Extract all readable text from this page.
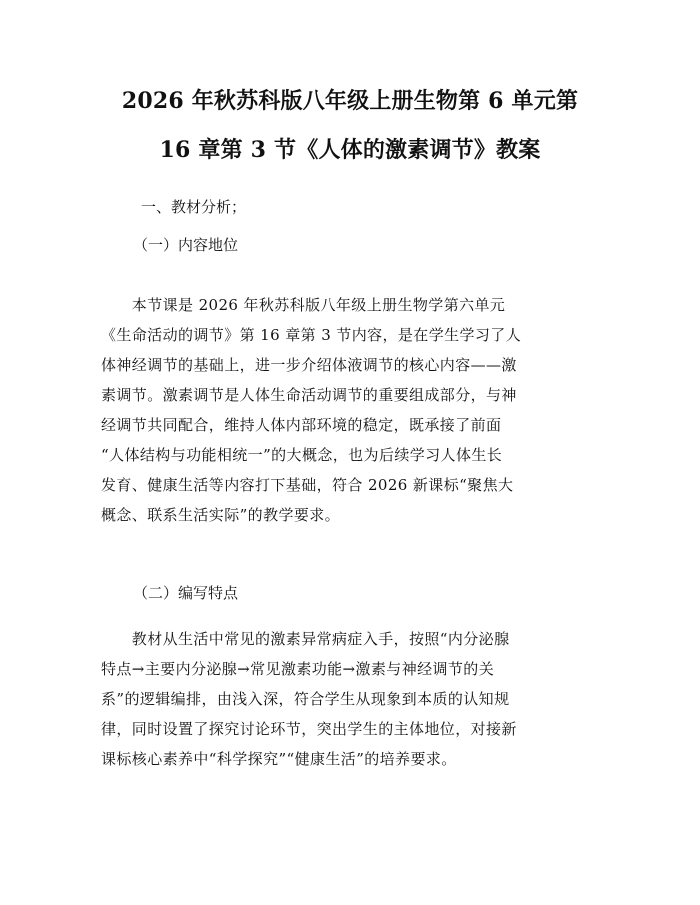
2026 年秋苏科版八年级上册生物第 6 单元第
16 章第 3 节《人体的激素调节》教案
一、教材分析；
（一）内容地位
　　本节课是 2026 年秋苏科版八年级上册生物学第六单元
《生命活动的调节》第 16 章第 3 节内容，是在学生学习了人
体神经调节的基础上，进一步介绍体液调节的核心内容——激
素调节。激素调节是人体生命活动调节的重要组成部分，与神
经调节共同配合，维持人体内部环境的稳定，既承接了前面
“人体结构与功能相统一”的大概念，也为后续学习人体生长
发育、健康生活等内容打下基础，符合 2026 新课标“聚焦大
概念、联系生活实际”的教学要求。
（二）编写特点
　　教材从生活中常见的激素异常病症入手，按照“内分泌腺
特点→主要内分泌腺→常见激素功能→激素与神经调节的关
系”的逻辑编排，由浅入深，符合学生从现象到本质的认知规
律，同时设置了探究讨论环节，突出学生的主体地位，对接新
课标核心素养中“科学探究”“健康生活”的培养要求。
